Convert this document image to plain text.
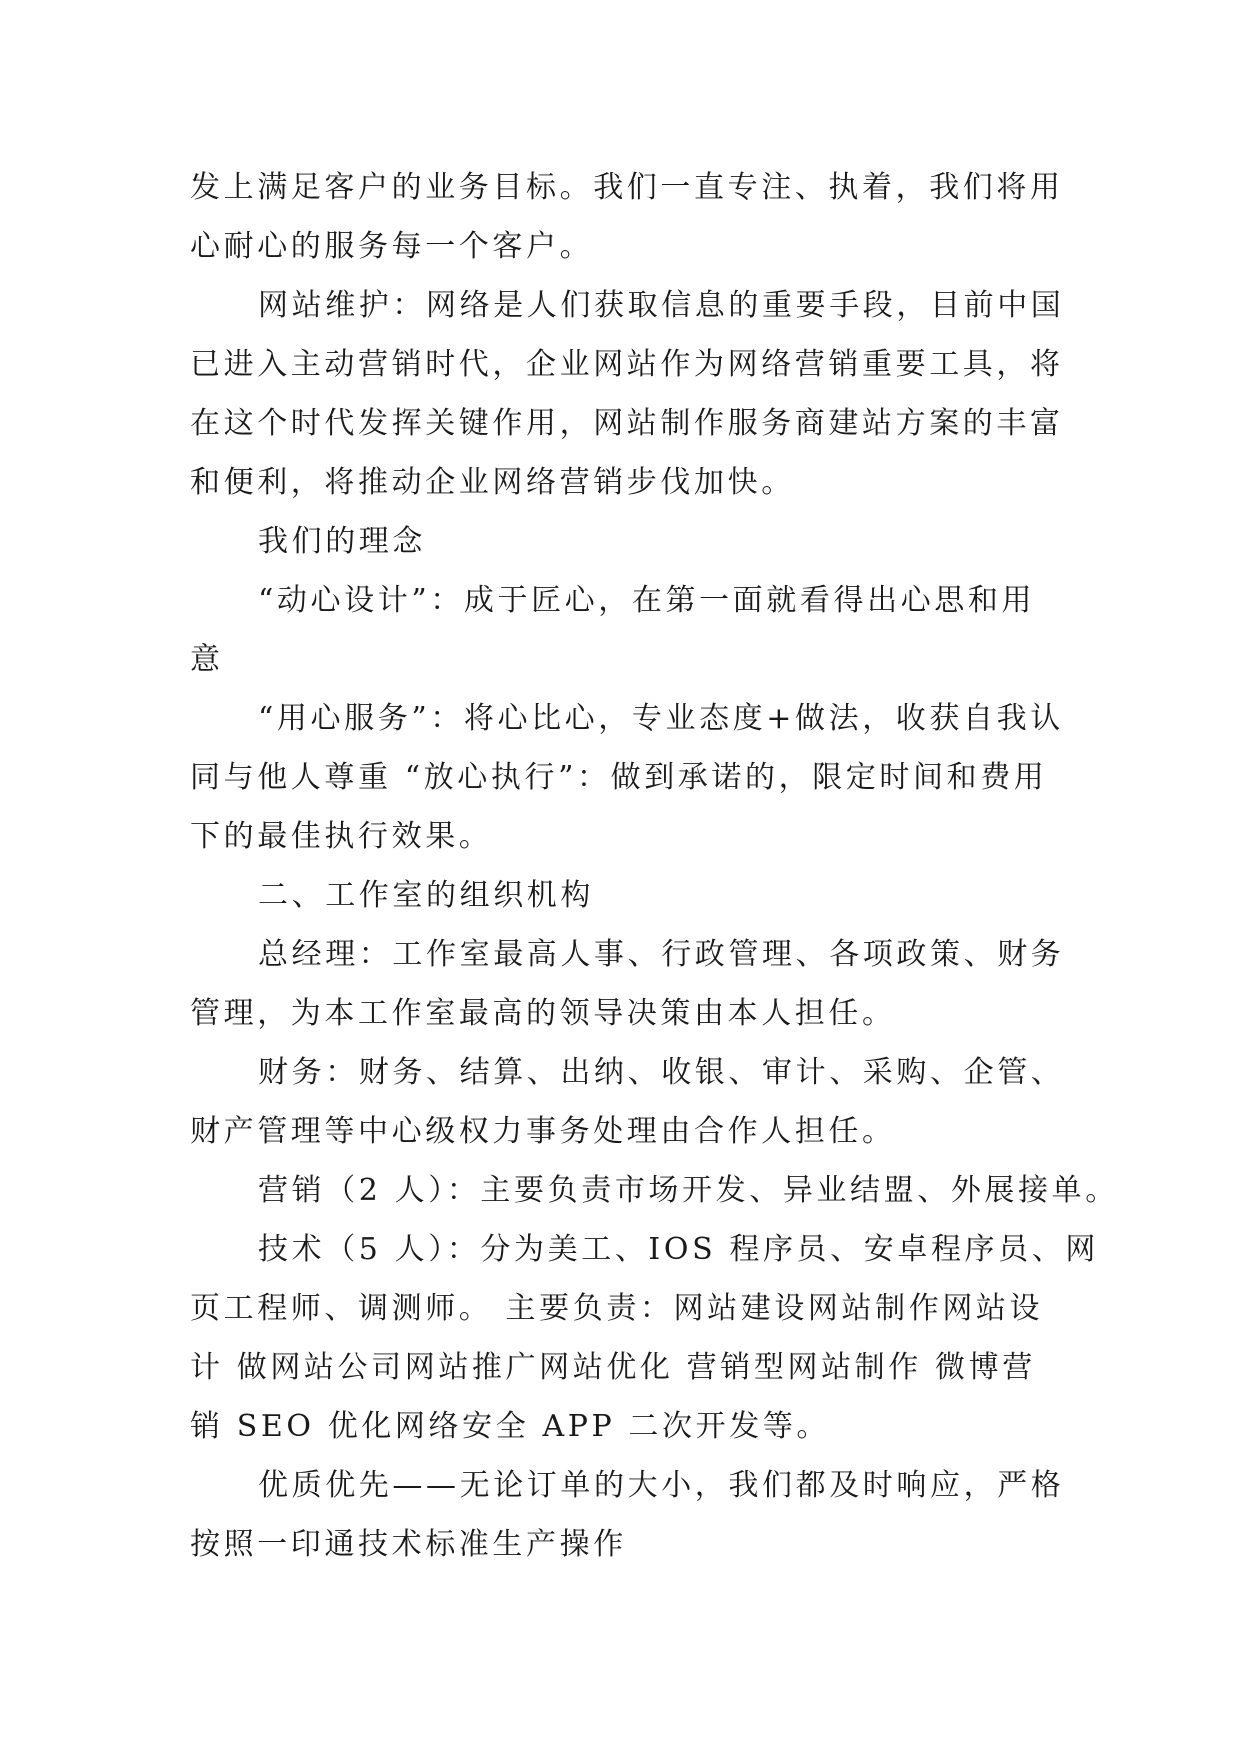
发上满足客户的业务目标。我们一直专注、执着，我们将用
心耐心的服务每一个客户。
网站维护：网络是人们获取信息的重要手段，目前中国
已进入主动营销时代，企业网站作为网络营销重要工具，将
在这个时代发挥关键作用，网站制作服务商建站方案的丰富
和便利，将推动企业网络营销步伐加快。
我们的理念
“动心设计”：成于匠心，在第一面就看得出心思和用
意
“用心服务”：将心比心，专业态度+做法，收获自我认
同与他人尊重 “放心执行”：做到承诺的，限定时间和费用
下的最佳执行效果。
二、工作室的组织机构
总经理：工作室最高人事、行政管理、各项政策、财务
管理，为本工作室最高的领导决策由本人担任。
财务：财务、结算、出纳、收银、审计、采购、企管、
财产管理等中心级权力事务处理由合作人担任。
营销（2 人）：主要负责市场开发、异业结盟、外展接单。
技术（5 人）：分为美工、IOS 程序员、安卓程序员、网
页工程师、调测师。 主要负责：网站建设网站制作网站设
计 做网站公司网站推广网站优化 营销型网站制作 微博营
销 SEO 优化网络安全 APP 二次开发等。
优质优先——无论订单的大小，我们都及时响应，严格
按照一印通技术标准生产操作
